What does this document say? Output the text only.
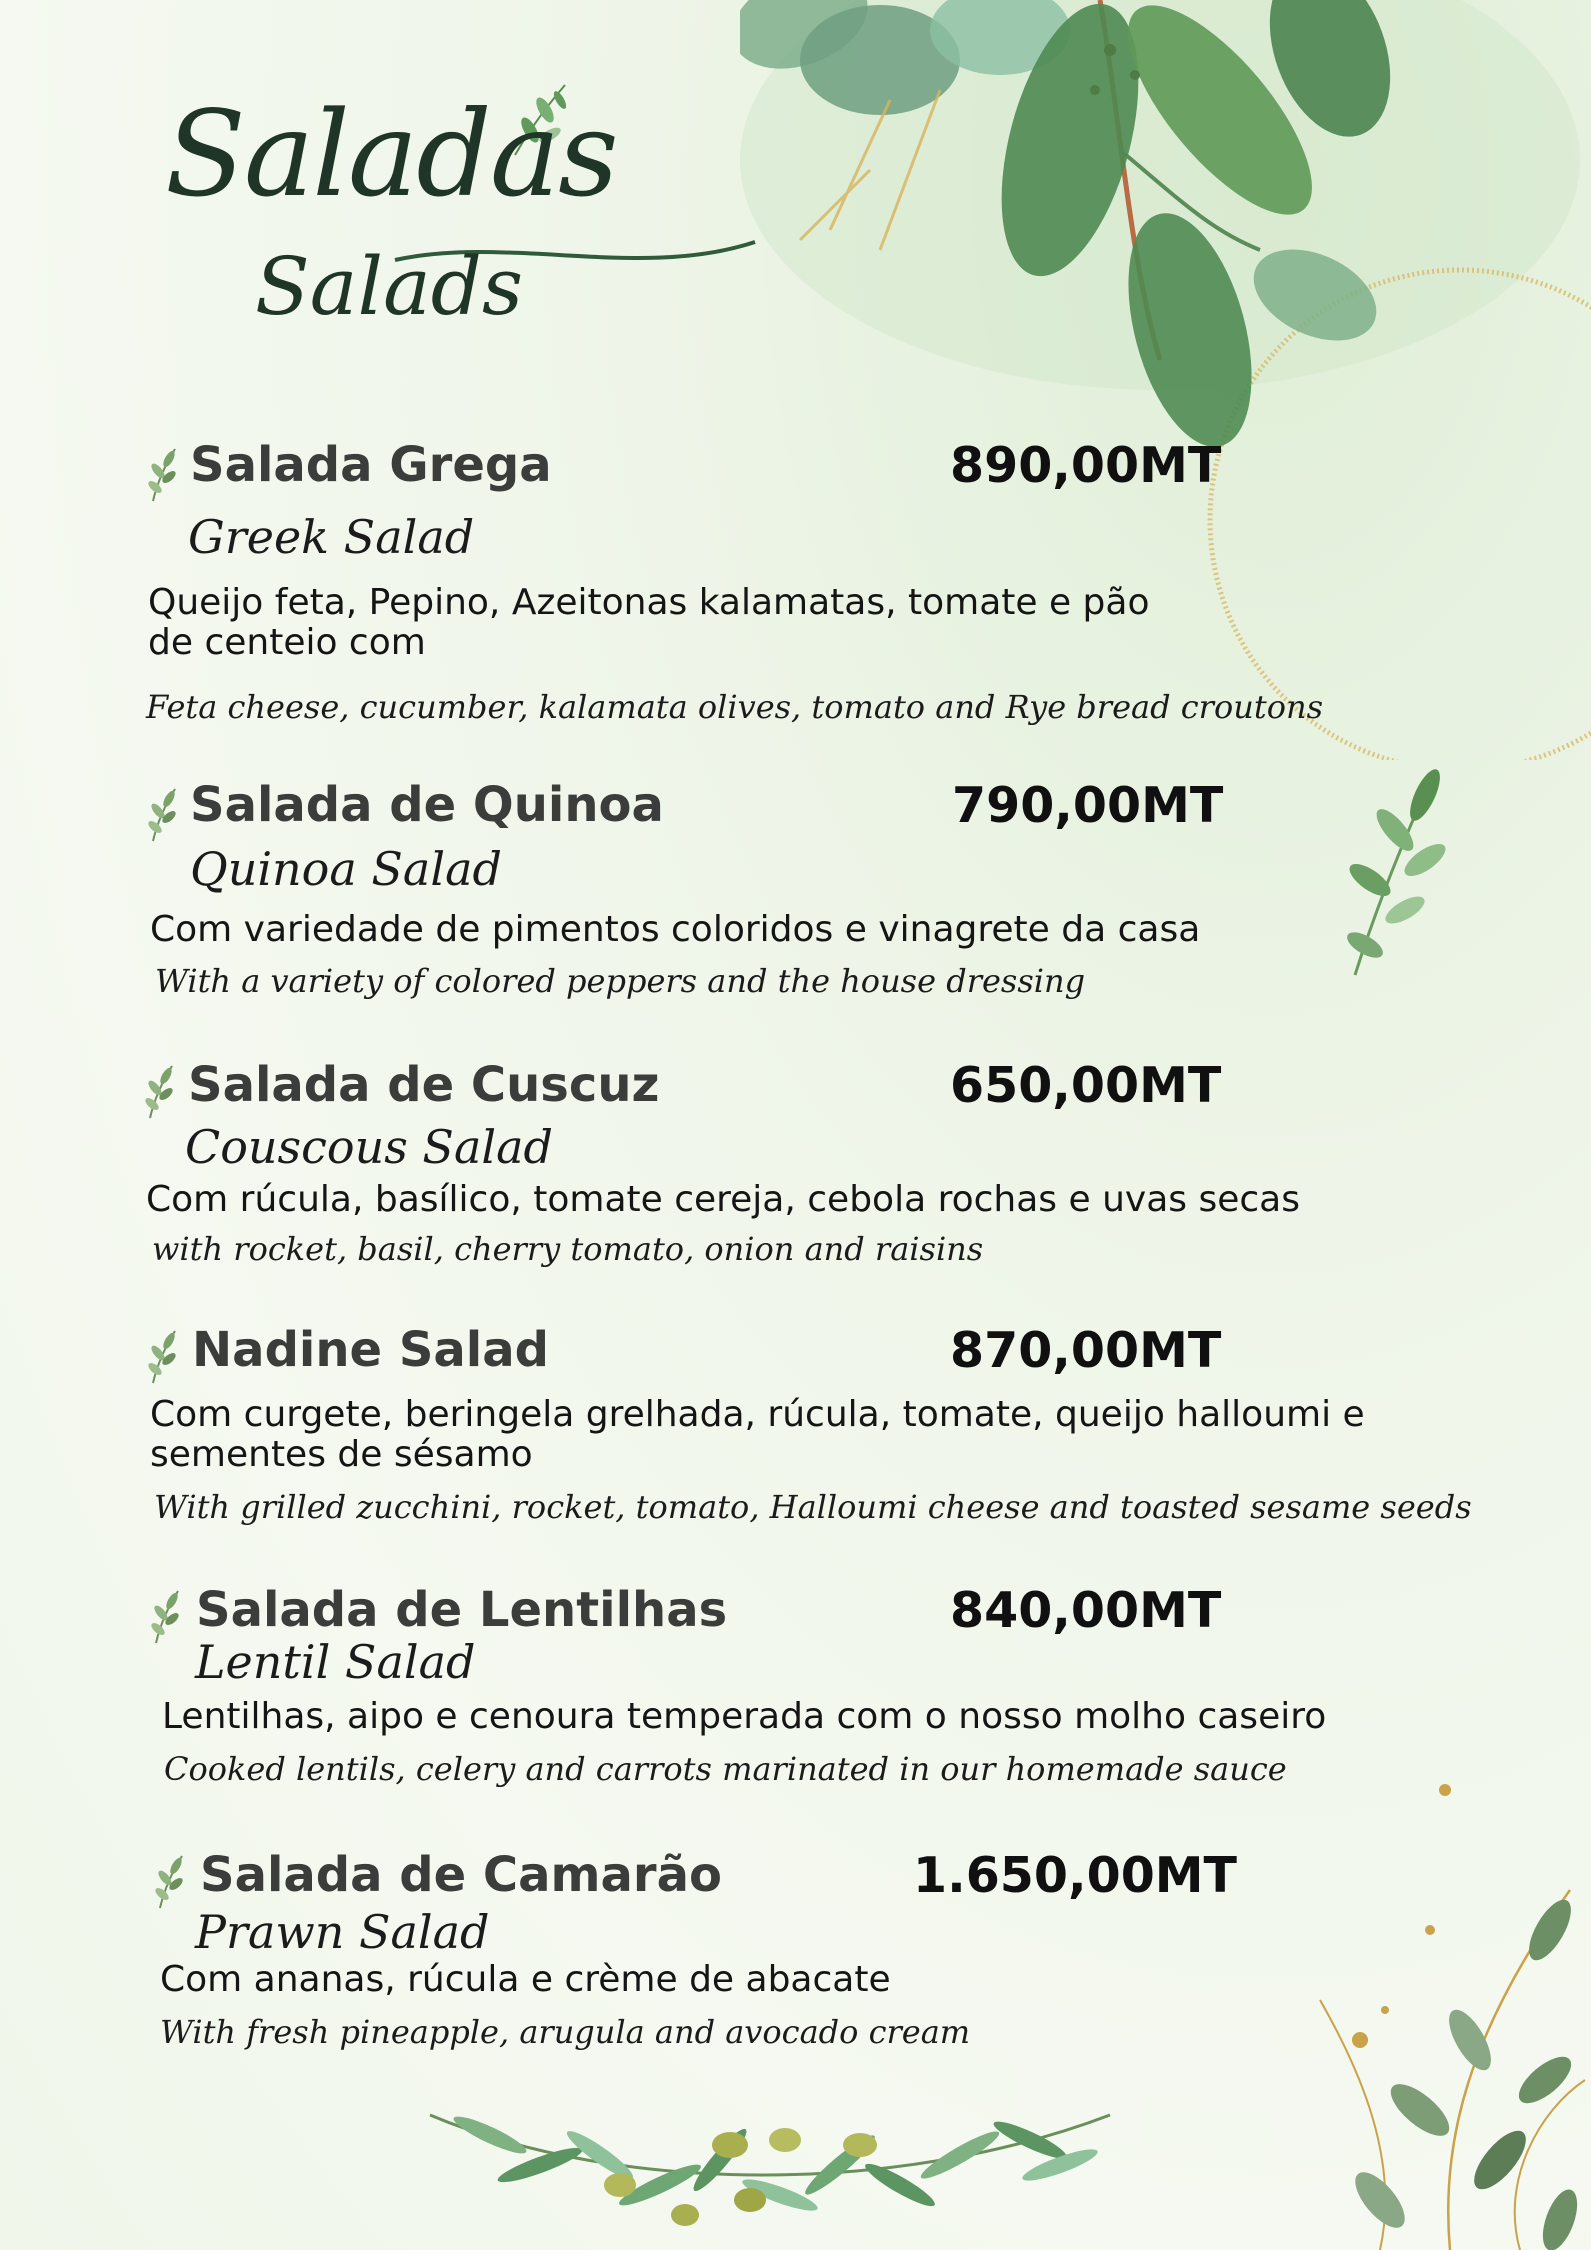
Saladas
Salads
Salada Grega	890,00MT
Greek Salad
Queijo feta, Pepino, Azeitonas kalamatas, tomate e pão de centeio com
Feta cheese, cucumber, kalamata olives, tomato and Rye bread croutons
Salada de Quinoa	790,00MT
Quinoa Salad
Com variedade de pimentos coloridos e vinagrete da casa
With a variety of colored peppers and the house dressing
Salada de Cuscuz	650,00MT
Couscous Salad
Com rúcula, basílico, tomate cereja, cebola rochas e uvas secas
with rocket, basil, cherry tomato, onion and raisins
Nadine Salad	870,00MT
Com curgete, beringela grelhada, rúcula, tomate, queijo halloumi e sementes de sésamo
With grilled zucchini, rocket, tomato, Halloumi cheese and toasted sesame seeds
Salada de Lentilhas	840,00MT
Lentil Salad
Lentilhas, aipo e cenoura temperada com o nosso molho caseiro
Cooked lentils, celery and carrots marinated in our homemade sauce
Salada de Camarão	1.650,00MT
Prawn Salad
Com ananas, rúcula e crème de abacate
With fresh pineapple, arugula and avocado cream
